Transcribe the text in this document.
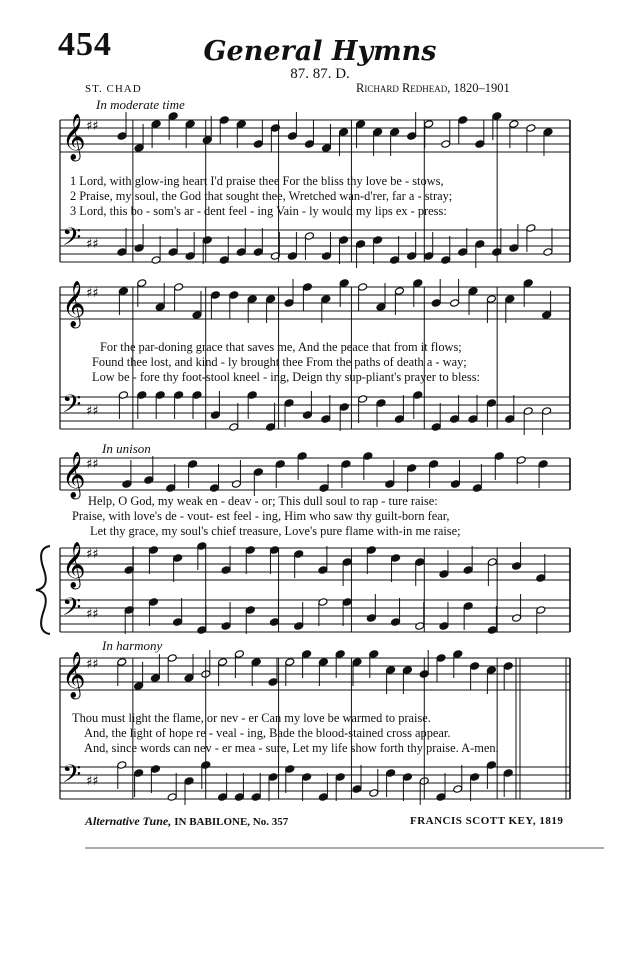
454	General Hymns
87. 87. D.
ST. CHAD	Richard Redhead, 1820–1901
In moderate time
In unison
In harmony
1 Lord, with glow-ing heart I'd praise thee For the bliss thy love be - stows,
2 Praise, my soul, the God that sought thee, Wretched wan-d'rer, far a - stray;
3 Lord, this bo - som's ar - dent feel - ing Vain - ly would my lips ex - press:
For the par-doning grace that saves me, And the peace that from it flows;
Found thee lost, and kind - ly brought thee From the paths of death a - way;
Low be - fore thy foot-stool kneel - ing, Deign thy sup-pliant's prayer to bless:
Help, O God, my weak en - deav - or; This dull soul to rap - ture raise:
Praise, with love's de - vout- est feel - ing, Him who saw thy guilt-born fear,
Let thy grace, my soul's chief treasure, Love's pure flame with-in me raise;
Thou must light the flame, or nev - er Can my love be warmed to praise.
And, the light of hope re - veal - ing, Bade the blood-stained cross appear.
And, since words can nev - er mea - sure, Let my life show forth thy praise. A-men.
Alternative Tune, IN BABILONE, No. 357	FRANCIS SCOTT KEY, 1819
𝄞 ♯♯
𝄢 ♯♯
𝄞 ♯♯
𝄢 ♯♯
𝄞 ♯♯
𝄞 ♯♯
𝄢 ♯♯
𝄞 ♯♯
𝄢 ♯♯
